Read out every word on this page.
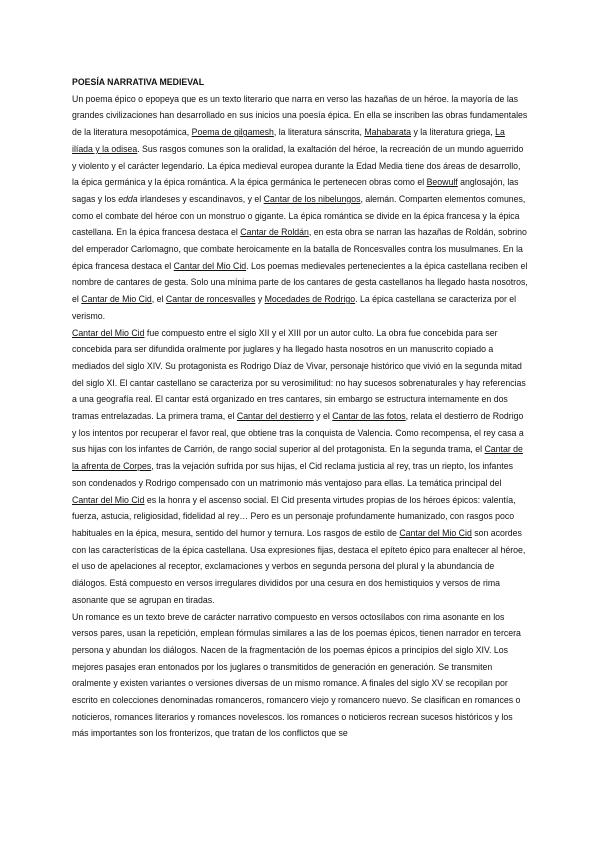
POESÍA NARRATIVA MEDIEVAL

Un poema épico o epopeya que es un texto literario que narra en verso las hazañas de un héroe. la mayoría de las grandes civilizaciones han desarrollado en sus inicios una poesía épica. En ella se inscriben las obras fundamentales de la literatura mesopotámica, Poema de gilgamesh, la literatura sánscrita, Mahabarata y la literatura griega, La ilíada y la odisea. Sus rasgos comunes son la oralidad, la exaltación del héroe, la recreación de un mundo aguerrido y violento y el carácter legendario. La épica medieval europea durante la Edad Media tiene dos áreas de desarrollo, la épica germánica y la épica romántica. A la épica germánica le pertenecen obras como el Beowulf anglosajón, las sagas y los edda irlandeses y escandinavos, y el Cantar de los nibelungos, alemán. Comparten elementos comunes, como el combate del héroe con un monstruo o gigante. La épica romántica se divide en la épica francesa y la épica castellana. En la épica francesa destaca el Cantar de Roldán, en esta obra se narran las hazañas de Roldán, sobrino del emperador Carlomagno, que combate heroicamente en la batalla de Roncesvalles contra los musulmanes. En la épica francesa destaca el Cantar del Mio Cid. Los poemas medievales pertenecientes a la épica castellana reciben el nombre de cantares de gesta. Solo una mínima parte de los cantares de gesta castellanos ha llegado hasta nosotros, el Cantar de Mio Cid, el Cantar de roncesvalles y Mocedades de Rodrigo. La épica castellana se caracteriza por el verismo.

Cantar del Mio Cid fue compuesto entre el siglo XII y el XIII por un autor culto. La obra fue concebida para ser concebida para ser difundida oralmente por juglares y ha llegado hasta nosotros en un manuscrito copiado a mediados del siglo XIV. Su protagonista es Rodrigo Díaz de Vivar, personaje histórico que vivió en la segunda mitad del siglo XI. El cantar castellano se caracteriza por su verosimilitud: no hay sucesos sobrenaturales y hay referencias a una geografía real. El cantar está organizado en tres cantares, sin embargo se estructura internamente en dos tramas entrelazadas. La primera trama, el Cantar del destierro y el Cantar de las fotos, relata el destierro de Rodrigo y los intentos por recuperar el favor real, que obtiene tras la conquista de Valencia. Como recompensa, el rey casa a sus hijas con los infantes de Carrión, de rango social superior al del protagonista. En la segunda trama, el Cantar de la afrenta de Corpes, tras la vejación sufrida por sus hijas, el Cid reclama justicia al rey, tras un riepto, los infantes son condenados y Rodrigo compensado con un matrimonio más ventajoso para ellas. La temática principal del Cantar del Mio Cid es la honra y el ascenso social. El Cid presenta virtudes propias de los héroes épicos: valentía, fuerza, astucia, religiosidad, fidelidad al rey… Pero es un personaje profundamente humanizado, con rasgos poco habituales en la épica, mesura, sentido del humor y ternura. Los rasgos de estilo de Cantar del Mio Cid son acordes con las características de la épica castellana. Usa expresiones fijas, destaca el epíteto épico para enaltecer al héroe, el uso de apelaciones al receptor, exclamaciones y verbos en segunda persona del plural y la abundancia de diálogos. Está compuesto en versos irregulares divididos por una cesura en dos hemistiquios y versos de rima asonante que se agrupan en tiradas.

Un romance es un texto breve de carácter narrativo compuesto en versos octosílabos con rima asonante en los versos pares, usan la repetición, emplean fórmulas similares a las de los poemas épicos, tienen narrador en tercera persona y abundan los diálogos. Nacen de la fragmentación de los poemas épicos a principios del siglo XIV. Los mejores pasajes eran entonados por los juglares o transmitidos de generación en generación. Se transmiten oralmente y existen variantes o versiones diversas de un mismo romance. A finales del siglo XV se recopilan por escrito en colecciones denominadas romanceros, romancero viejo y romancero nuevo. Se clasifican en romances o noticieros, romances literarios y romances novelescos. los romances o noticieros recrean sucesos históricos y los más importantes son los fronterizos, que tratan de los conflictos que se
